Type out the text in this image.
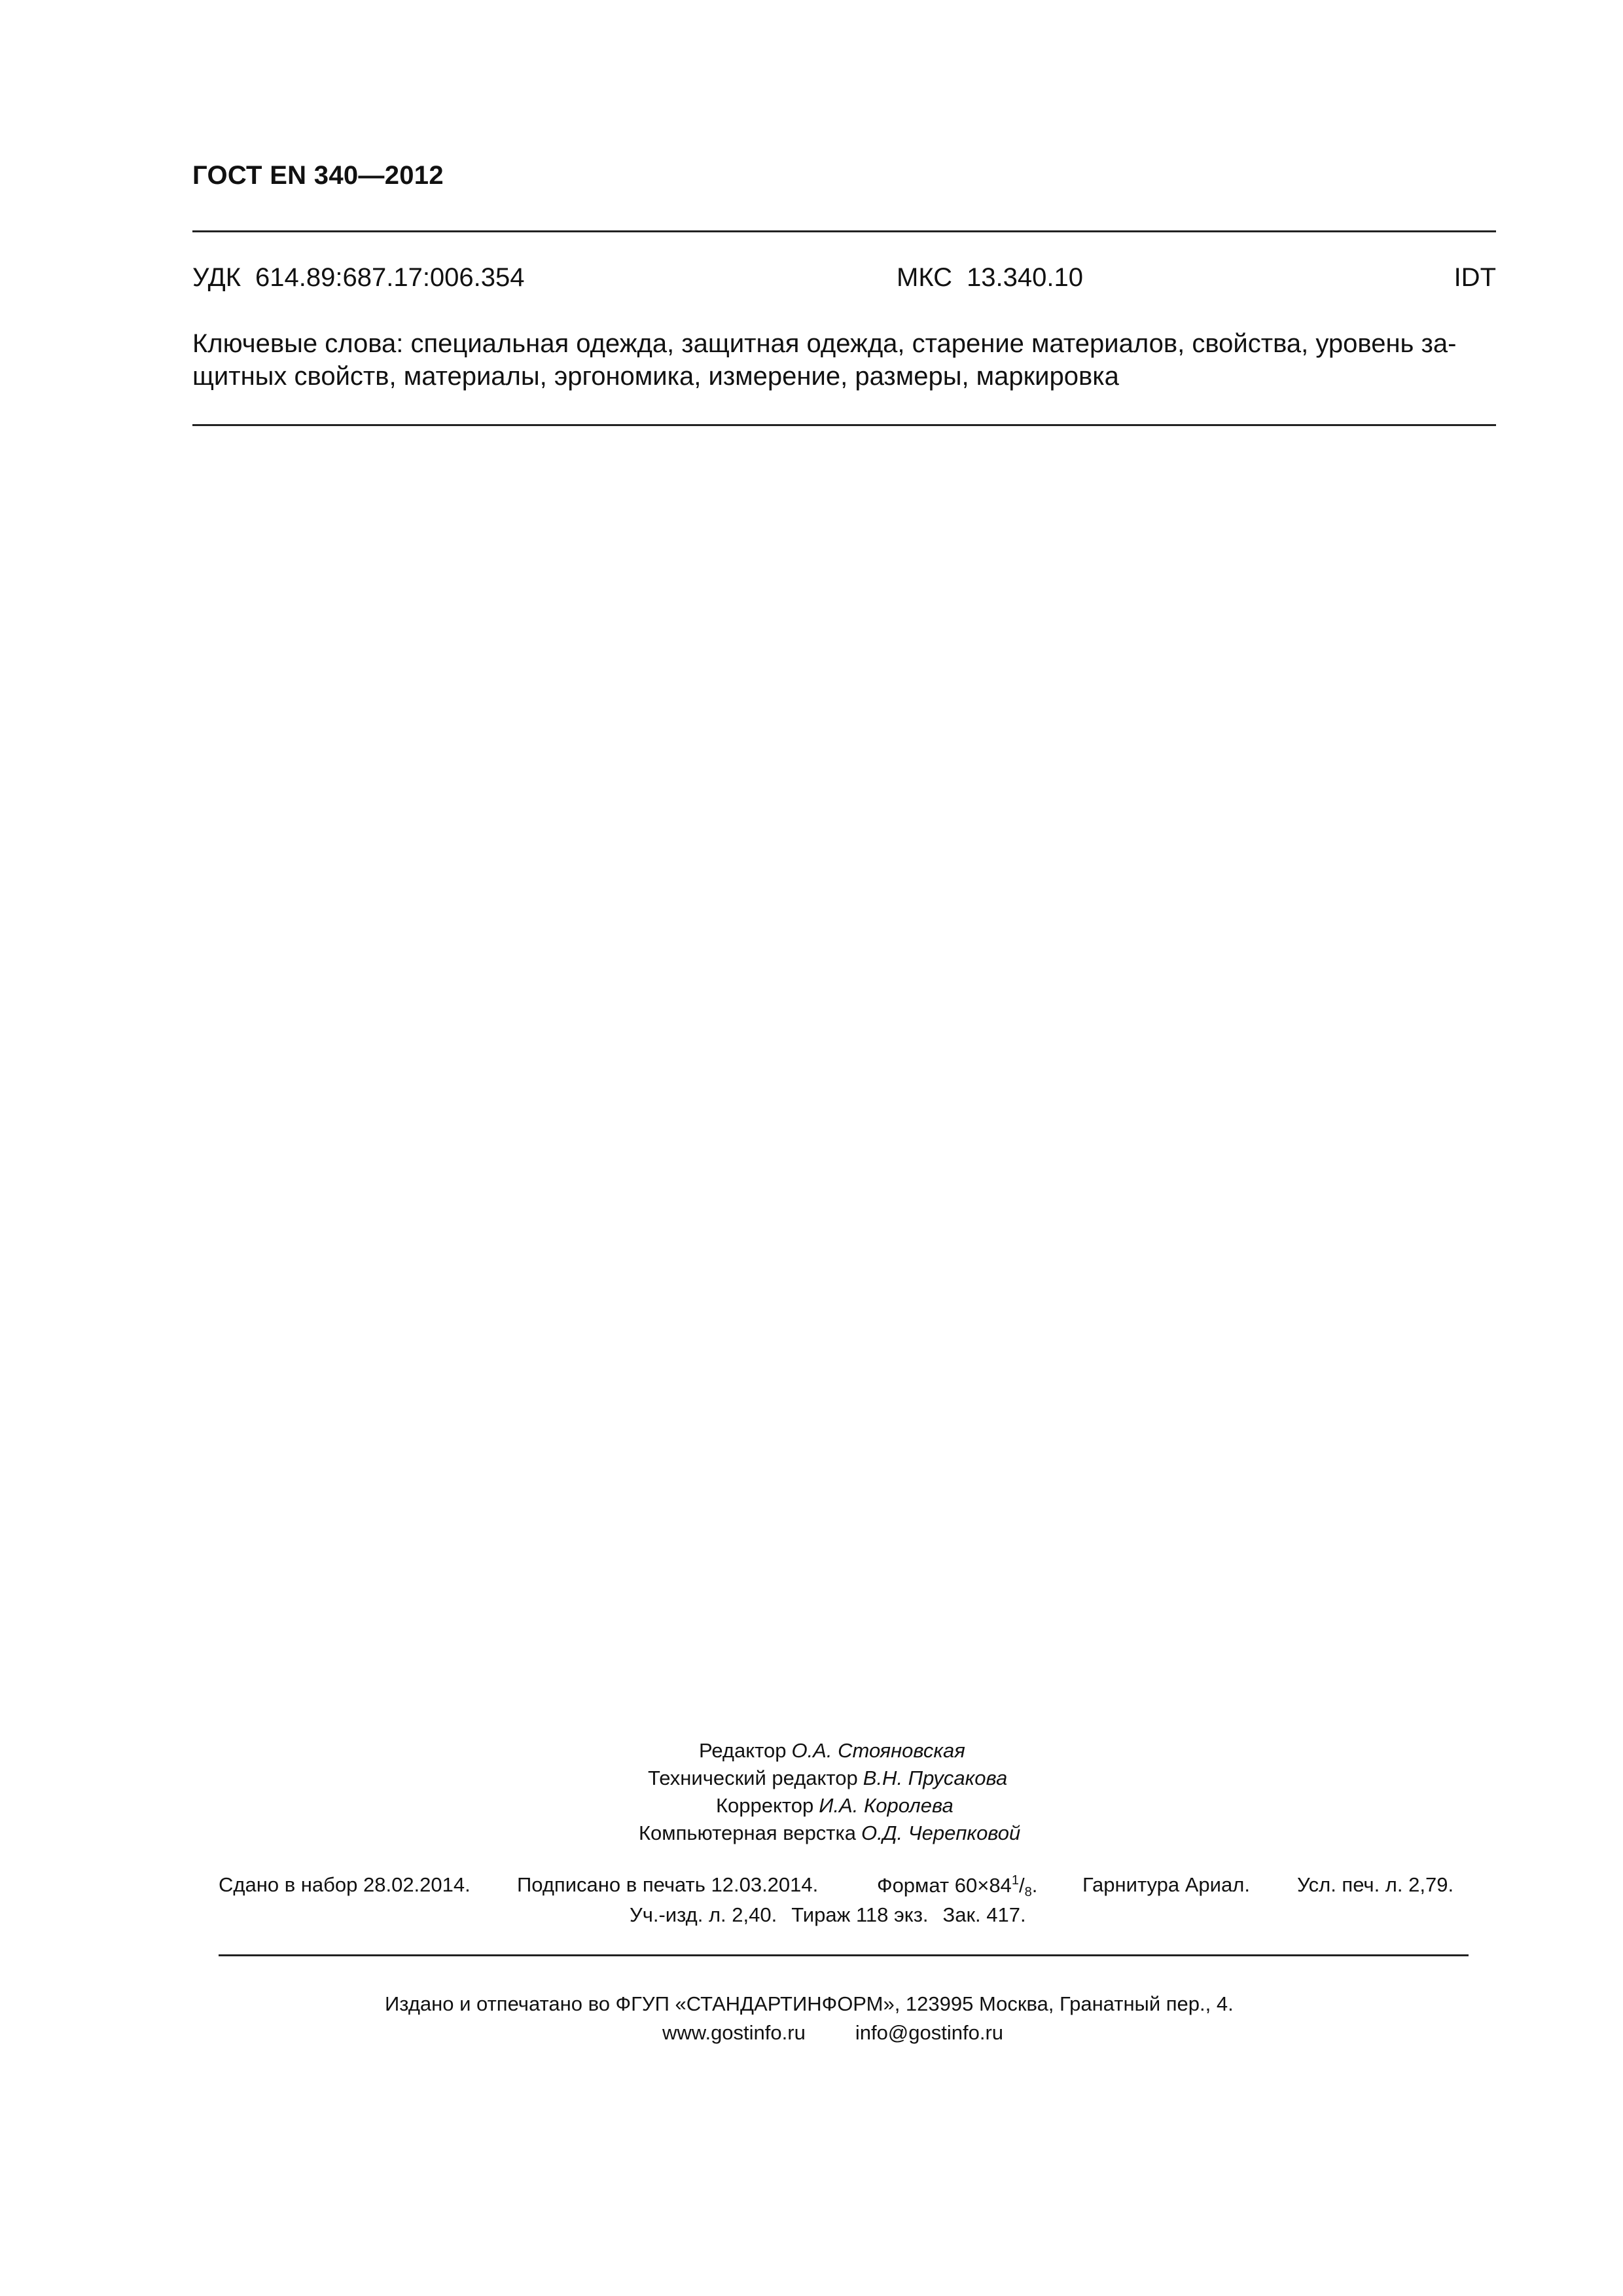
ГОСТ EN 340—2012
УДК 614.89:687.17:006.354	МКС 13.340.10	IDT
Ключевые слова: специальная одежда, защитная одежда, старение материалов, свойства, уровень за-
щитных свойств, материалы, эргономика, измерение, размеры, маркировка
Редактор О.А. Стояновская
Технический редактор В.Н. Прусакова
Корректор И.А. Королева
Компьютерная верстка О.Д. Черепковой
Сдано в набор 28.02.2014. Подписано в печать 12.03.2014.	Формат $60\times 84^1/_8$. Гарнитура Ариал. Усл. печ. л. 2,79.
Уч.-изд. л. 2,40. Тираж 118 экз. Зак. 417.
Издано и отпечатано во ФГУП «СТАНДАРТИНФОРМ», 123995 Москва, Гранатный пер., 4.
www.gostinfo.ru info@gostinfo.ru
